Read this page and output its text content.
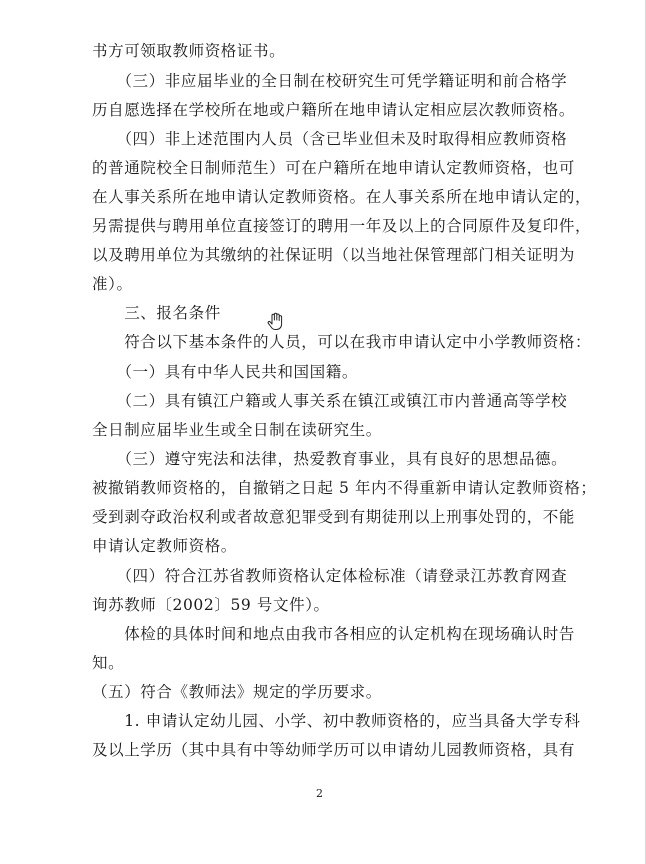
书方可领取教师资格证书。
　　（三）非应届毕业的全日制在校研究生可凭学籍证明和前合格学
历自愿选择在学校所在地或户籍所在地申请认定相应层次教师资格。
　　（四）非上述范围内人员（含已毕业但未及时取得相应教师资格
的普通院校全日制师范生）可在户籍所在地申请认定教师资格，也可
在人事关系所在地申请认定教师资格。在人事关系所在地申请认定的，
另需提供与聘用单位直接签订的聘用一年及以上的合同原件及复印件，
以及聘用单位为其缴纳的社保证明（以当地社保管理部门相关证明为
准）。
　　三、报名条件
　　符合以下基本条件的人员，可以在我市申请认定中小学教师资格：
　　（一）具有中华人民共和国国籍。
　　（二）具有镇江户籍或人事关系在镇江或镇江市内普通高等学校
全日制应届毕业生或全日制在读研究生。
　　（三）遵守宪法和法律，热爱教育事业，具有良好的思想品德。
被撤销教师资格的，自撤销之日起 5 年内不得重新申请认定教师资格；
受到剥夺政治权利或者故意犯罪受到有期徒刑以上刑事处罚的，不能
申请认定教师资格。
　　（四）符合江苏省教师资格认定体检标准（请登录江苏教育网查
询苏教师〔2002〕59 号文件）。
　　体检的具体时间和地点由我市各相应的认定机构在现场确认时告
知。
（五）符合《教师法》规定的学历要求。
　　1. 申请认定幼儿园、小学、初中教师资格的，应当具备大学专科
及以上学历（其中具有中等幼师学历可以申请幼儿园教师资格，具有
2
